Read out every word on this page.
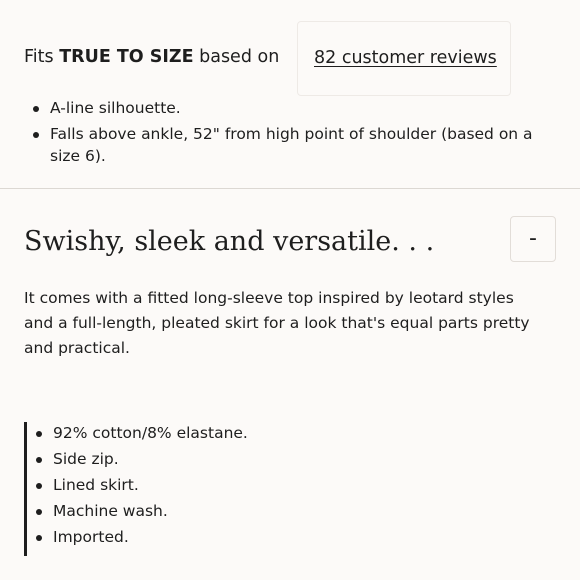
Fits TRUE TO SIZE based on 82 customer reviews
A-line silhouette.
Falls above ankle, 52" from high point of shoulder (based on a size 6).
Swishy, sleek and versatile. . .	-
It comes with a fitted long-sleeve top inspired by leotard styles and a full-length, pleated skirt for a look that's equal parts pretty and practical.
92% cotton/8% elastane.
Side zip.
Lined skirt.
Machine wash.
Imported.
